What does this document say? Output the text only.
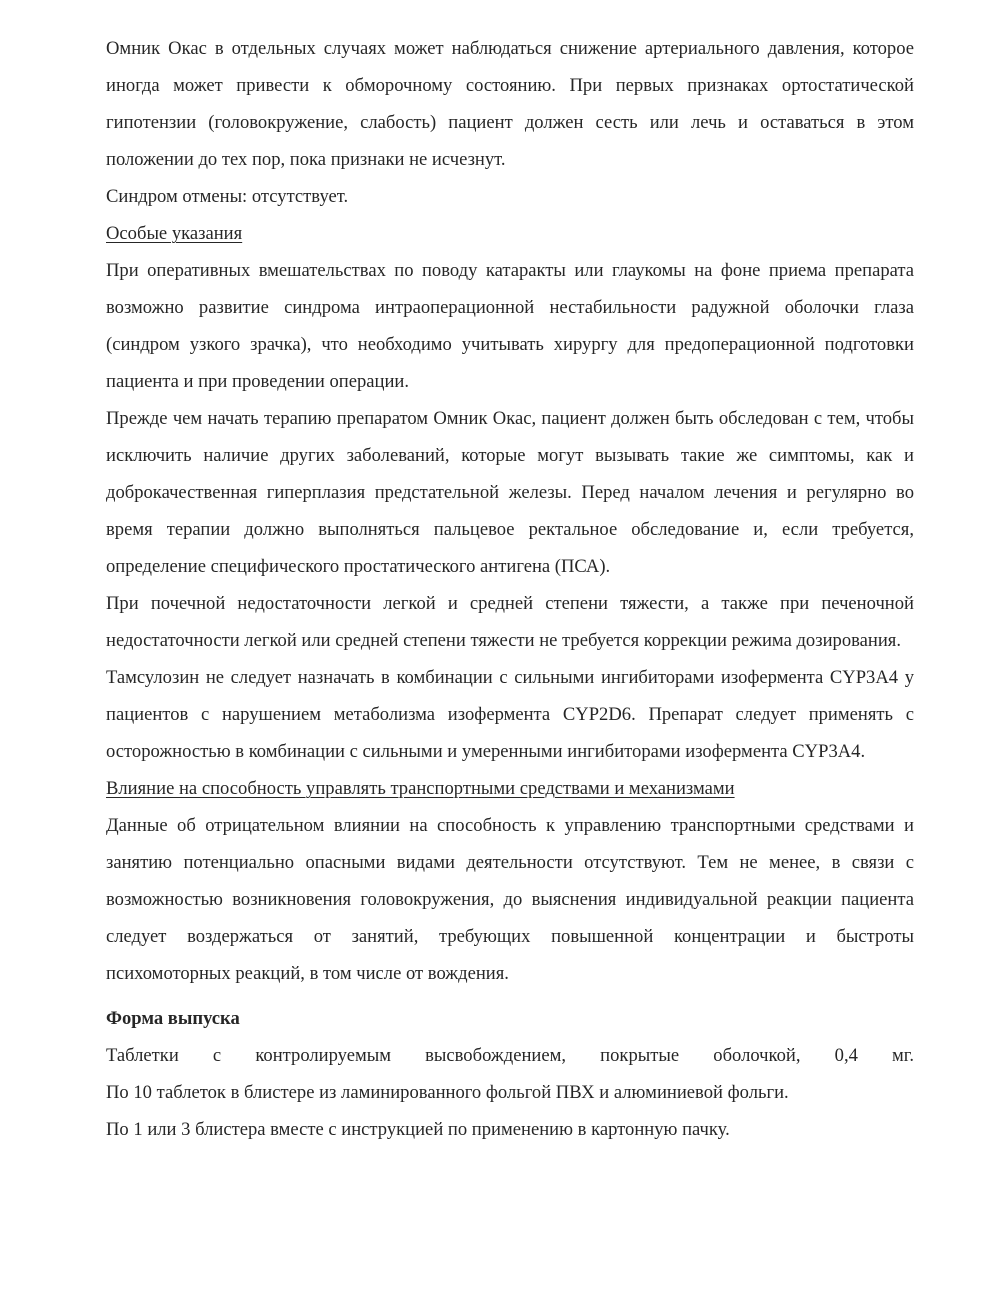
Омник Окас в отдельных случаях может наблюдаться снижение артериального давления, которое иногда может привести к обморочному состоянию. При первых признаках ортостатической гипотензии (головокружение, слабость) пациент должен сесть или лечь и оставаться в этом положении до тех пор, пока признаки не исчезнут.

Синдром отмены: отсутствует.

Особые указания

При оперативных вмешательствах по поводу катаракты или глаукомы на фоне приема препарата возможно развитие синдрома интраоперационной нестабильности радужной оболочки глаза (синдром узкого зрачка), что необходимо учитывать хирургу для предоперационной подготовки пациента и при проведении операции.

Прежде чем начать терапию препаратом Омник Окас, пациент должен быть обследован с тем, чтобы исключить наличие других заболеваний, которые могут вызывать такие же симптомы, как и доброкачественная гиперплазия предстательной железы. Перед началом лечения и регулярно во время терапии должно выполняться пальцевое ректальное обследование и, если требуется, определение специфического простатического антигена (ПСА).

При почечной недостаточности легкой и средней степени тяжести, а также при печеночной недостаточности легкой или средней степени тяжести не требуется коррекции режима дозирования.

Тамсулозин не следует назначать в комбинации с сильными ингибиторами изофермента CYP3A4 у пациентов с нарушением метаболизма изофермента CYP2D6. Препарат следует применять с осторожностью в комбинации с сильными и умеренными ингибиторами изофермента CYP3A4.

Влияние на способность управлять транспортными средствами и механизмами

Данные об отрицательном влиянии на способность к управлению транспортными средствами и занятию потенциально опасными видами деятельности отсутствуют. Тем не менее, в связи с возможностью возникновения головокружения, до выяснения индивидуальной реакции пациента следует воздержаться от занятий, требующих повышенной концентрации и быстроты психомоторных реакций, в том числе от вождения.

Форма выпуска

Таблетки с контролируемым высвобождением, покрытые оболочкой, 0,4 мг.

По 10 таблеток в блистере из ламинированного фольгой ПВХ и алюминиевой фольги.

По 1 или 3 блистера вместе с инструкцией по применению в картонную пачку.
